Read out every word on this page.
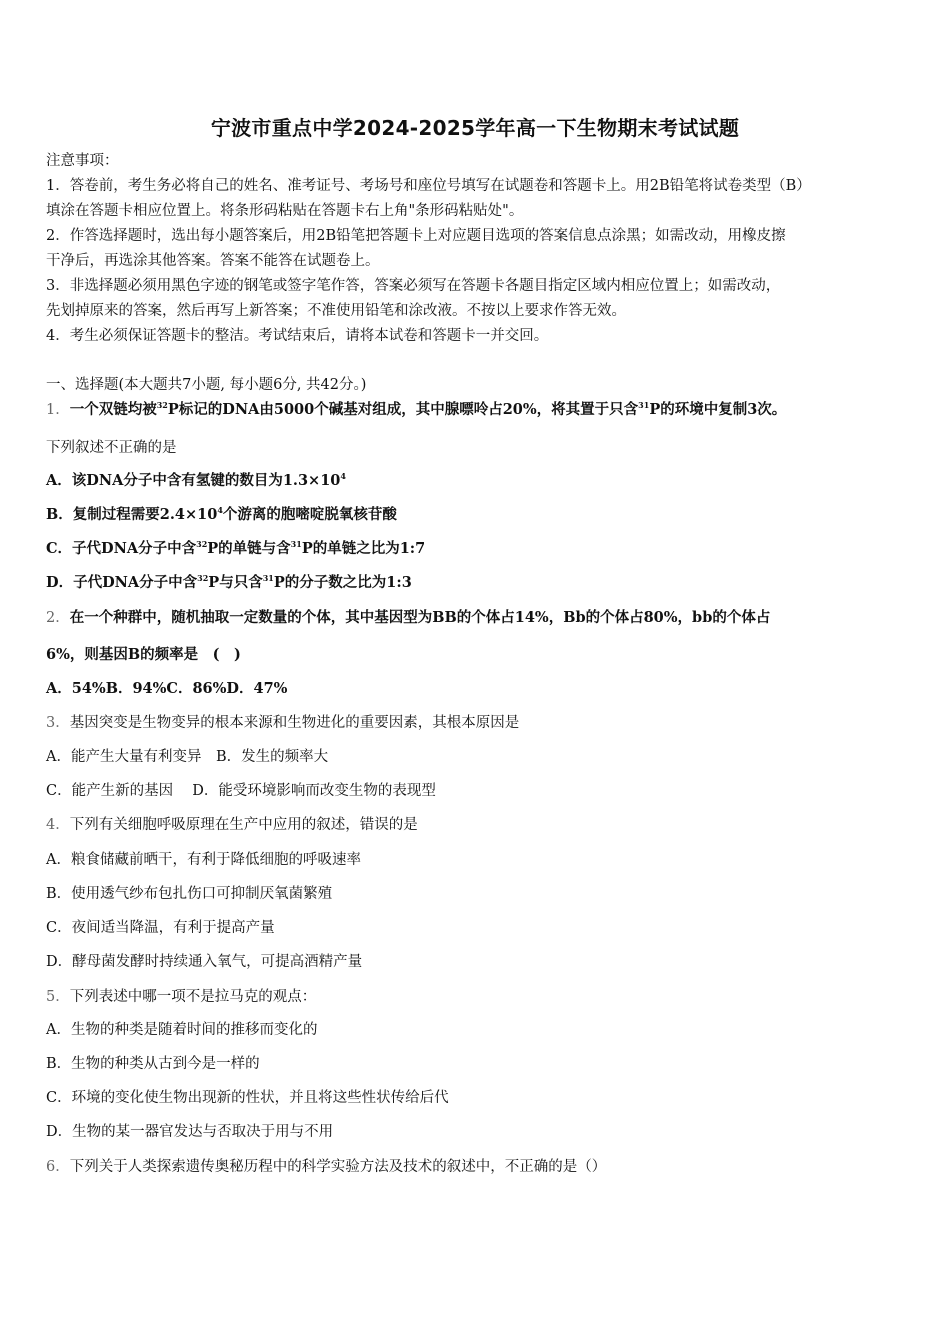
宁波市重点中学2024-2025学年高一下生物期末考试试题
注意事项：
1．答卷前，考生务必将自己的姓名、准考证号、考场号和座位号填写在试题卷和答题卡上。用2B铅笔将试卷类型（B）
填涂在答题卡相应位置上。将条形码粘贴在答题卡右上角"条形码粘贴处"。
2．作答选择题时，选出每小题答案后，用2B铅笔把答题卡上对应题目选项的答案信息点涂黑；如需改动，用橡皮擦
干净后，再选涂其他答案。答案不能答在试题卷上。
3．非选择题必须用黑色字迹的钢笔或签字笔作答，答案必须写在答题卡各题目指定区域内相应位置上；如需改动，
先划掉原来的答案，然后再写上新答案；不准使用铅笔和涂改液。不按以上要求作答无效。
4．考生必须保证答题卡的整洁。考试结束后，请将本试卷和答题卡一并交回。
一、选择题(本大题共7小题, 每小题6分, 共42分。)
1．一个双链均被$^{32}$P标记的DNA由5000个碱基对组成，其中腺嘌呤占20%，将其置于只含$^{31}$P的环境中复制3次。
下列叙述不正确的是
A．该DNA分子中含有氢键的数目为$1.3\times 10^4$
B．复制过程需要$2.4\times 10^4$个游离的胞嘧啶脱氧核苷酸
C．子代DNA分子中含$^{32}$P的单链与含$^{31}$P的单链之比为1:7
D．子代DNA分子中含$^{32}$P与只含$^{31}$P的分子数之比为1:3
2．在一个种群中，随机抽取一定数量的个体，其中基因型为BB的个体占14%，Bb的个体占80%，bb的个体占
6%，则基因B的频率是　(　)
A．54%B．94%C．86%D．47%
3．基因突变是生物变异的根本来源和生物进化的重要因素，其根本原因是
A．能产生大量有利变异　B．发生的频率大
C．能产生新的基因　 D．能受环境影响而改变生物的表现型
4．下列有关细胞呼吸原理在生产中应用的叙述，错误的是
A．粮食储藏前晒干，有利于降低细胞的呼吸速率
B．使用透气纱布包扎伤口可抑制厌氧菌繁殖
C．夜间适当降温，有利于提高产量
D．酵母菌发酵时持续通入氧气，可提高酒精产量
5．下列表述中哪一项不是拉马克的观点：
A．生物的种类是随着时间的推移而变化的
B．生物的种类从古到今是一样的
C．环境的变化使生物出现新的性状，并且将这些性状传给后代
D．生物的某一器官发达与否取决于用与不用
6．下列关于人类探索遗传奥秘历程中的科学实验方法及技术的叙述中，不正确的是（）
